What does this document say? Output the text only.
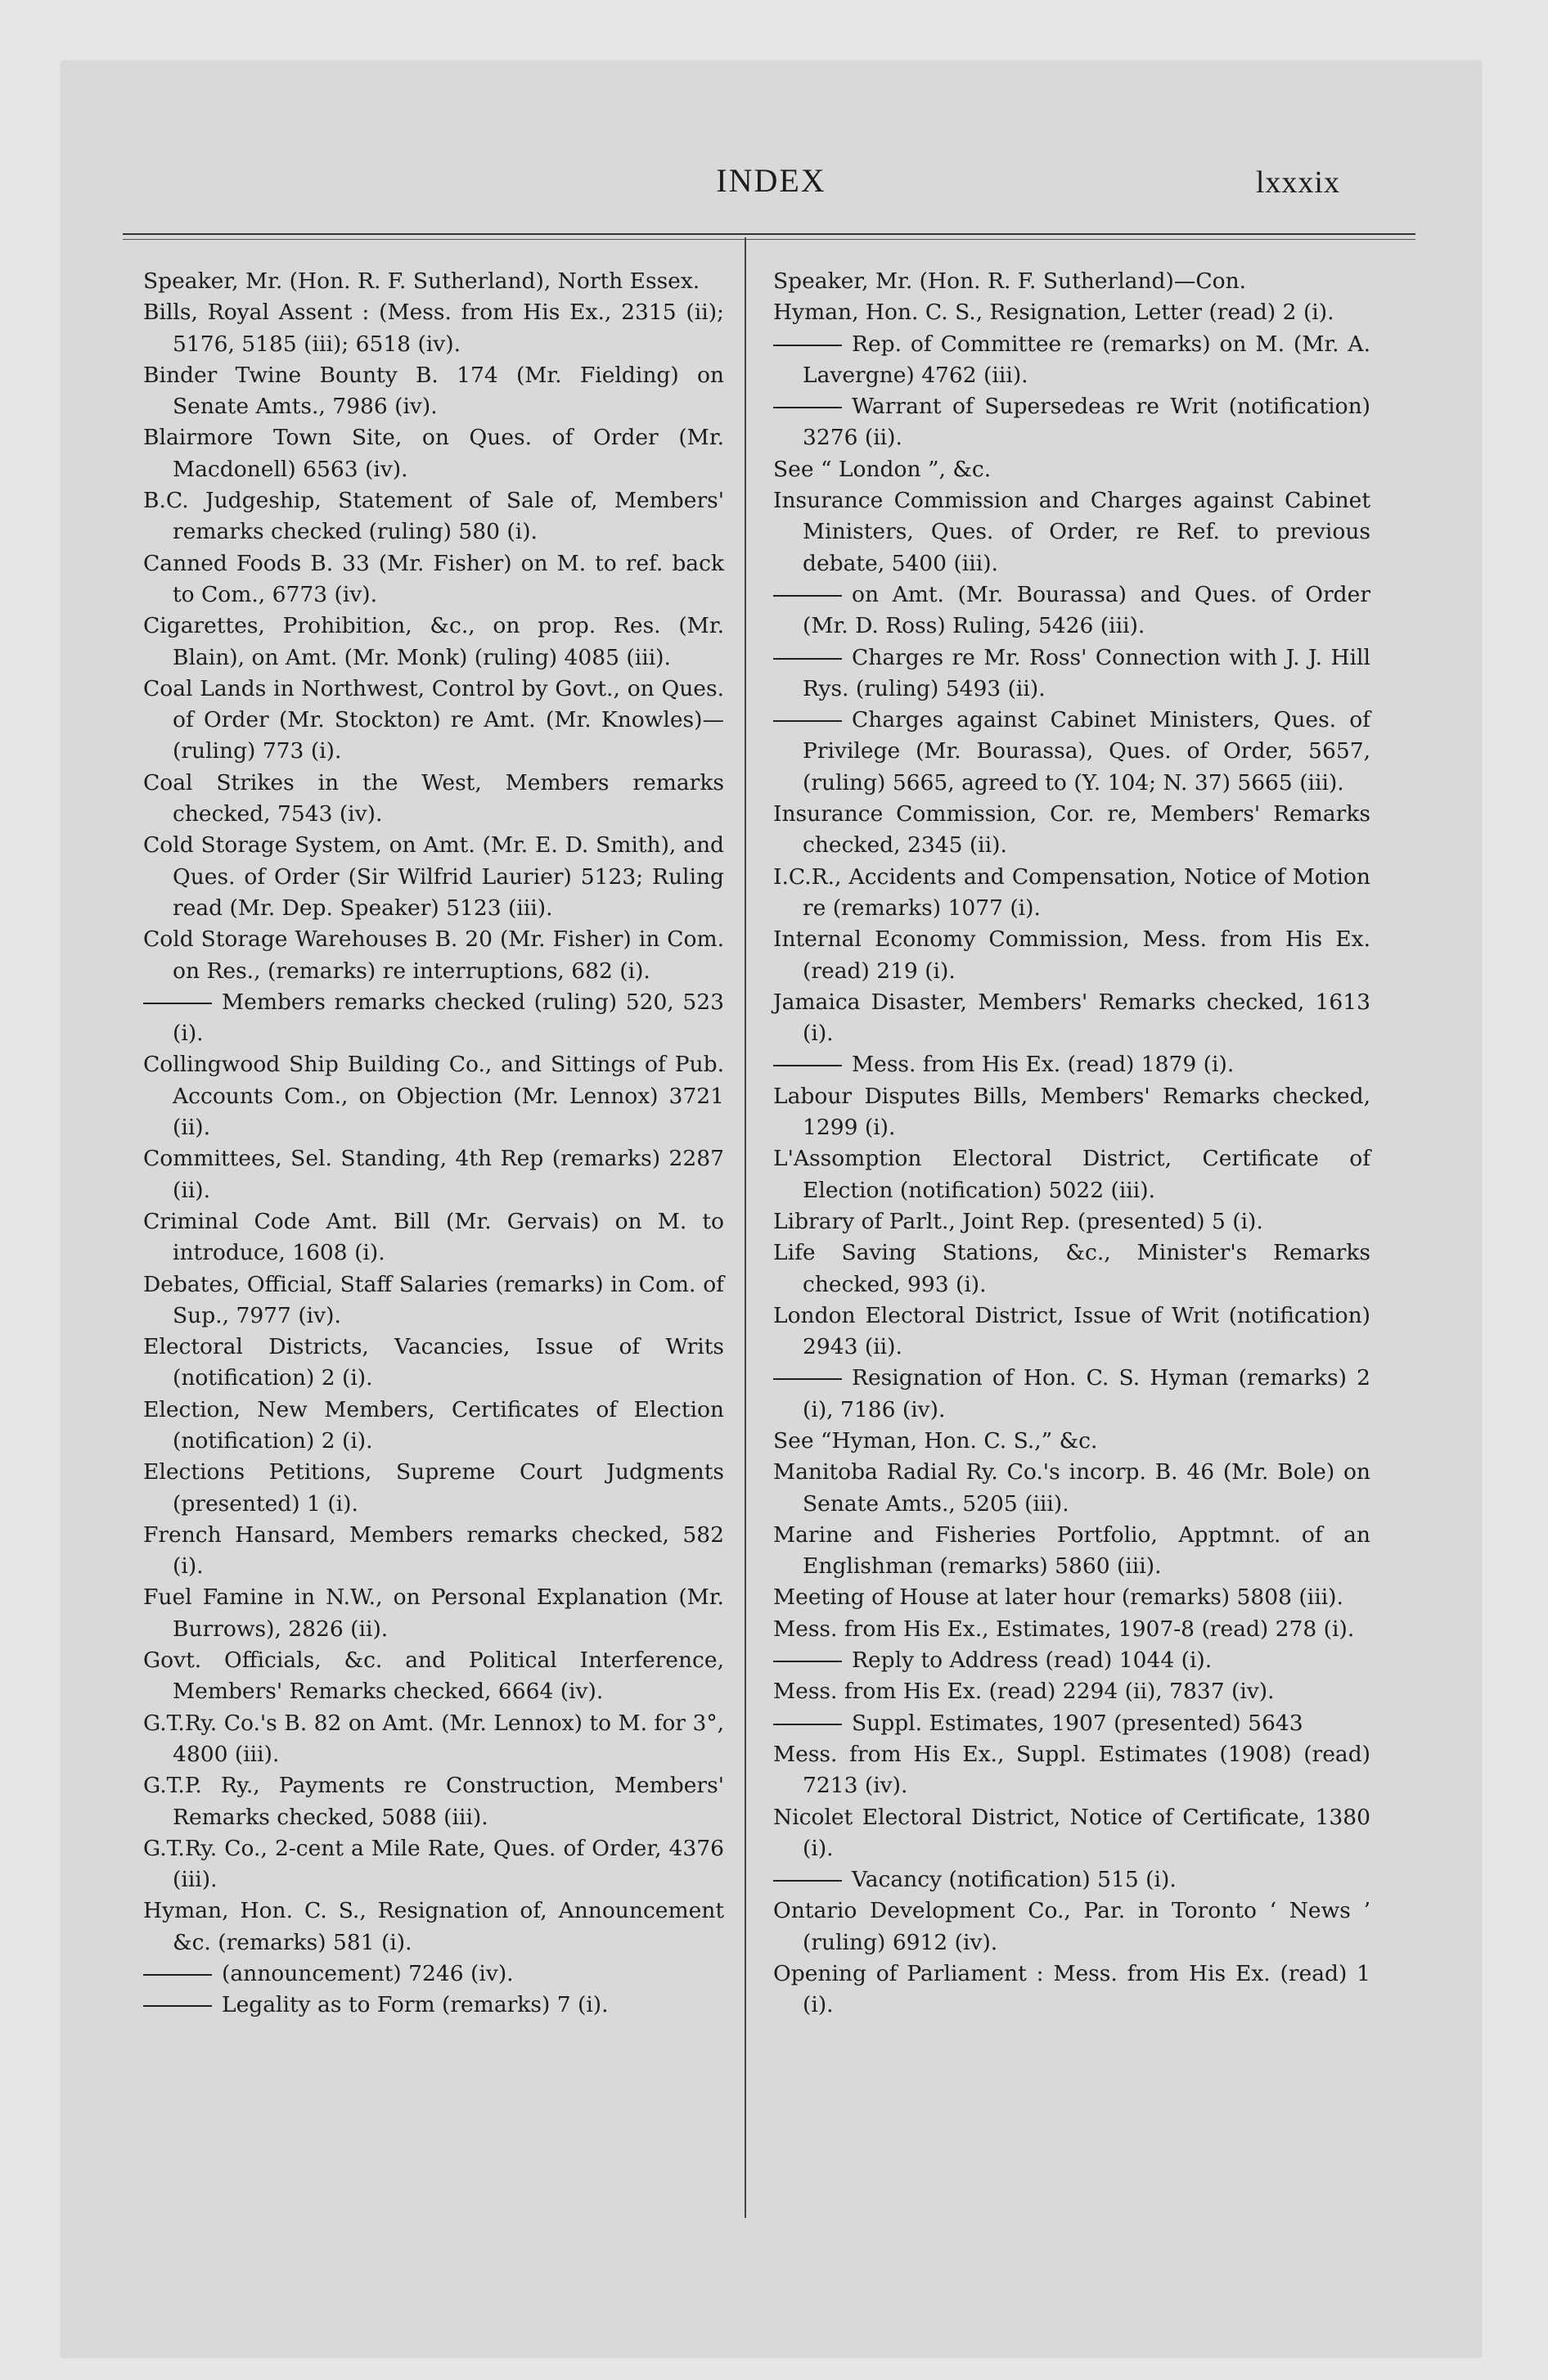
INDEX	lxxxix

Speaker, Mr. (Hon. R. F. Sutherland), North Essex.

Bills, Royal Assent : (Mess. from His Ex., 2315 (ii); 5176, 5185 (iii); 6518 (iv).

Binder Twine Bounty B. 174 (Mr. Fielding) on Senate Amts., 7986 (iv).

Blairmore Town Site, on Ques. of Order (Mr. Macdonell) 6563 (iv).

B.C. Judgeship, Statement of Sale of, Members' remarks checked (ruling) 580 (i).

Canned Foods B. 33 (Mr. Fisher) on M. to ref. back to Com., 6773 (iv).

Cigarettes, Prohibition, &c., on prop. Res. (Mr. Blain), on Amt. (Mr. Monk) (ruling) 4085 (iii).

Coal Lands in Northwest, Control by Govt., on Ques. of Order (Mr. Stockton) re Amt. (Mr. Knowles)—(ruling) 773 (i).

Coal Strikes in the West, Members remarks checked, 7543 (iv).

Cold Storage System, on Amt. (Mr. E. D. Smith), and Ques. of Order (Sir Wilfrid Laurier) 5123; Ruling read (Mr. Dep. Speaker) 5123 (iii).

Cold Storage Warehouses B. 20 (Mr. Fisher) in Com. on Res., (remarks) re interruptions, 682 (i).

Members remarks checked (ruling) 520, 523 (i).

Collingwood Ship Building Co., and Sittings of Pub. Accounts Com., on Objection (Mr. Lennox) 3721 (ii).

Committees, Sel. Standing, 4th Rep (remarks) 2287 (ii).

Criminal Code Amt. Bill (Mr. Gervais) on M. to introduce, 1608 (i).

Debates, Official, Staff Salaries (remarks) in Com. of Sup., 7977 (iv).

Electoral Districts, Vacancies, Issue of Writs (notification) 2 (i).

Election, New Members, Certificates of Election (notification) 2 (i).

Elections Petitions, Supreme Court Judgments (presented) 1 (i).

French Hansard, Members remarks checked, 582 (i).

Fuel Famine in N.W., on Personal Explanation (Mr. Burrows), 2826 (ii).

Govt. Officials, &c. and Political Interference, Members' Remarks checked, 6664 (iv).

G.T.Ry. Co.'s B. 82 on Amt. (Mr. Lennox) to M. for 3°, 4800 (iii).

G.T.P. Ry., Payments re Construction, Members' Remarks checked, 5088 (iii).

G.T.Ry. Co., 2-cent a Mile Rate, Ques. of Order, 4376 (iii).

Hyman, Hon. C. S., Resignation of, Announcement &c. (remarks) 581 (i).

(announcement) 7246 (iv).

Legality as to Form (remarks) 7 (i).

Speaker, Mr. (Hon. R. F. Sutherland)—Con.

Hyman, Hon. C. S., Resignation, Letter (read) 2 (i).

Rep. of Committee re (remarks) on M. (Mr. A. Lavergne) 4762 (iii).

Warrant of Supersedeas re Writ (notification) 3276 (ii).

See “ London ”, &c.

Insurance Commission and Charges against Cabinet Ministers, Ques. of Order, re Ref. to previous debate, 5400 (iii).

on Amt. (Mr. Bourassa) and Ques. of Order (Mr. D. Ross) Ruling, 5426 (iii).

Charges re Mr. Ross' Connection with J. J. Hill Rys. (ruling) 5493 (ii).

Charges against Cabinet Ministers, Ques. of Privilege (Mr. Bourassa), Ques. of Order, 5657, (ruling) 5665, agreed to (Y. 104; N. 37) 5665 (iii).

Insurance Commission, Cor. re, Members' Remarks checked, 2345 (ii).

I.C.R., Accidents and Compensation, Notice of Motion re (remarks) 1077 (i).

Internal Economy Commission, Mess. from His Ex. (read) 219 (i).

Jamaica Disaster, Members' Remarks checked, 1613 (i).

Mess. from His Ex. (read) 1879 (i).

Labour Disputes Bills, Members' Remarks checked, 1299 (i).

L'Assomption Electoral District, Certificate of Election (notification) 5022 (iii).

Library of Parlt., Joint Rep. (presented) 5 (i).

Life Saving Stations, &c., Minister's Remarks checked, 993 (i).

London Electoral District, Issue of Writ (notification) 2943 (ii).

Resignation of Hon. C. S. Hyman (remarks) 2 (i), 7186 (iv).

See “Hyman, Hon. C. S.,” &c.

Manitoba Radial Ry. Co.'s incorp. B. 46 (Mr. Bole) on Senate Amts., 5205 (iii).

Marine and Fisheries Portfolio, Apptmnt. of an Englishman (remarks) 5860 (iii).

Meeting of House at later hour (remarks) 5808 (iii).

Mess. from His Ex., Estimates, 1907-8 (read) 278 (i).

Reply to Address (read) 1044 (i).

Mess. from His Ex. (read) 2294 (ii), 7837 (iv).

Suppl. Estimates, 1907 (presented) 5643

Mess. from His Ex., Suppl. Estimates (1908) (read) 7213 (iv).

Nicolet Electoral District, Notice of Certificate, 1380 (i).

Vacancy (notification) 515 (i).

Ontario Development Co., Par. in Toronto ‘ News ’ (ruling) 6912 (iv).

Opening of Parliament : Mess. from His Ex. (read) 1 (i).
